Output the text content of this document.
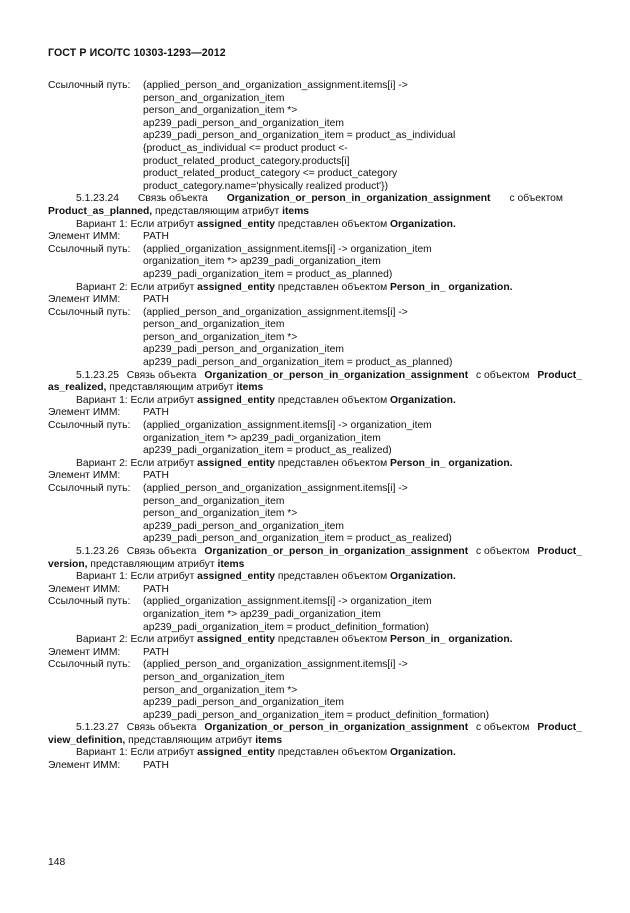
ГОСТ Р ИСО/ТС 10303-1293—2012
Ссылочный путь: (applied_person_and_organization_assignment.items[i] ->
person_and_organization_item
person_and_organization_item *>
ap239_padi_person_and_organization_item
ap239_padi_person_and_organization_item = product_as_individual
{product_as_individual <= product product <-
product_related_product_category.products[i]
product_related_product_category <= product_category
product_category.name='physically realized product'})
5.1.23.24 Связь объекта Organization_or_person_in_organization_assignment с объектом
Product_as_planned, представляющим атрибут items
Вариант 1: Если атрибут assigned_entity представлен объектом Organization.
Элемент ИММ: PATH
Ссылочный путь: (applied_organization_assignment.items[i] -> organization_item
organization_item *> ap239_padi_organization_item
ap239_padi_organization_item = product_as_planned)
Вариант 2: Если атрибут assigned_entity представлен объектом Person_in_ organization.
Элемент ИММ: PATH
Ссылочный путь: (applied_person_and_organization_assignment.items[i] ->
person_and_organization_item
person_and_organization_item *>
ap239_padi_person_and_organization_item
ap239_padi_person_and_organization_item = product_as_planned)
5.1.23.25 Связь объекта Organization_or_person_in_organization_assignment с объектом Product_
as_realized, представляющим атрибут items
Вариант 1: Если атрибут assigned_entity представлен объектом Organization.
Элемент ИММ: PATH
Ссылочный путь: (applied_organization_assignment.items[i] -> organization_item
organization_item *> ap239_padi_organization_item
ap239_padi_organization_item = product_as_realized)
Вариант 2: Если атрибут assigned_entity представлен объектом Person_in_ organization.
Элемент ИММ: PATH
Ссылочный путь: (applied_person_and_organization_assignment.items[i] ->
person_and_organization_item
person_and_organization_item *>
ap239_padi_person_and_organization_item
ap239_padi_person_and_organization_item = product_as_realized)
5.1.23.26 Связь объекта Organization_or_person_in_organization_assignment с объектом Product_
version, представляющим атрибут items
Вариант 1: Если атрибут assigned_entity представлен объектом Organization.
Элемент ИММ: PATH
Ссылочный путь: (applied_organization_assignment.items[i] -> organization_item
organization_item *> ap239_padi_organization_item
ap239_padi_organization_item = product_definition_formation)
Вариант 2: Если атрибут assigned_entity представлен объектом Person_in_ organization.
Элемент ИММ: PATH
Ссылочный путь: (applied_person_and_organization_assignment.items[i] ->
person_and_organization_item
person_and_organization_item *>
ap239_padi_person_and_organization_item
ap239_padi_person_and_organization_item = product_definition_formation)
5.1.23.27 Связь объекта Organization_or_person_in_organization_assignment с объектом Product_
view_definition, представляющим атрибут items
Вариант 1: Если атрибут assigned_entity представлен объектом Organization.
Элемент ИММ: PATH
148
